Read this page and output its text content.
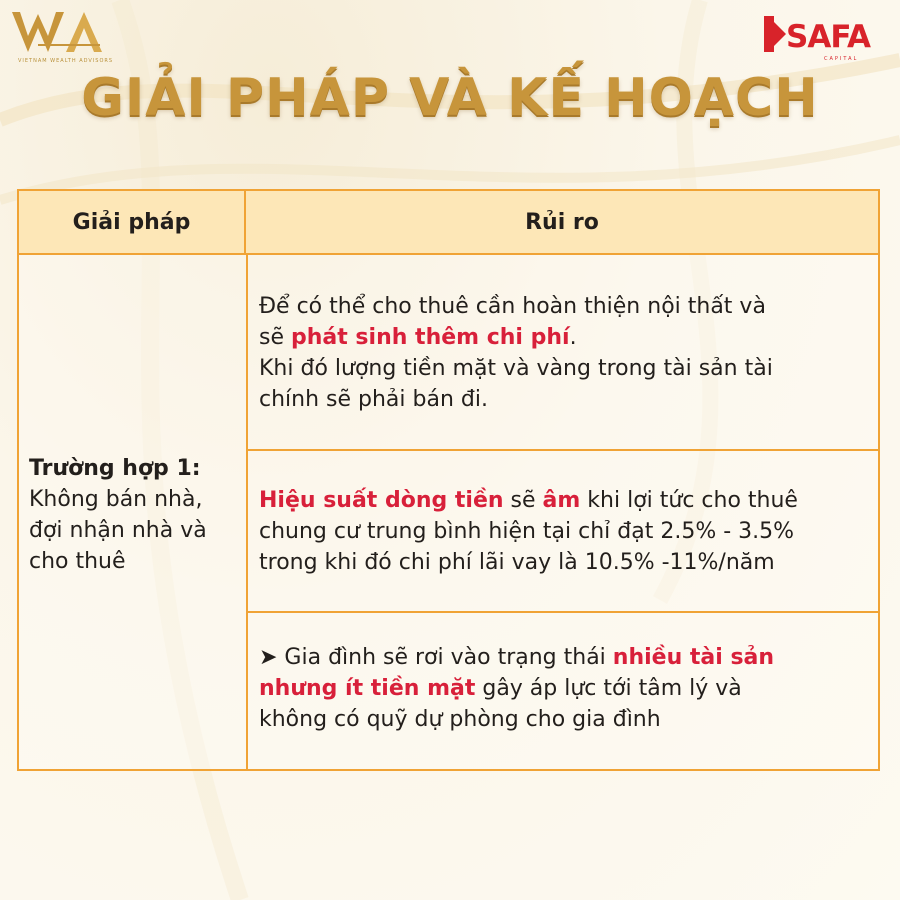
VIETNAM WEALTH ADVISORS
SAFA
CAPITAL
GIẢI PHÁP VÀ KẾ HOẠCH
Giải pháp	Rủi ro
Trường hợp 1:
Không bán nhà, đợi nhận nhà và cho thuê
Để có thể cho thuê cần hoàn thiện nội thất và
sẽ phát sinh thêm chi phí.
Khi đó lượng tiền mặt và vàng trong tài sản tài
chính sẽ phải bán đi.
Hiệu suất dòng tiền sẽ âm khi lợi tức cho thuê
chung cư trung bình hiện tại chỉ đạt 2.5% - 3.5%
trong khi đó chi phí lãi vay là 10.5% -11%/năm
➤ Gia đình sẽ rơi vào trạng thái nhiều tài sản
nhưng ít tiền mặt gây áp lực tới tâm lý và
không có quỹ dự phòng cho gia đình
